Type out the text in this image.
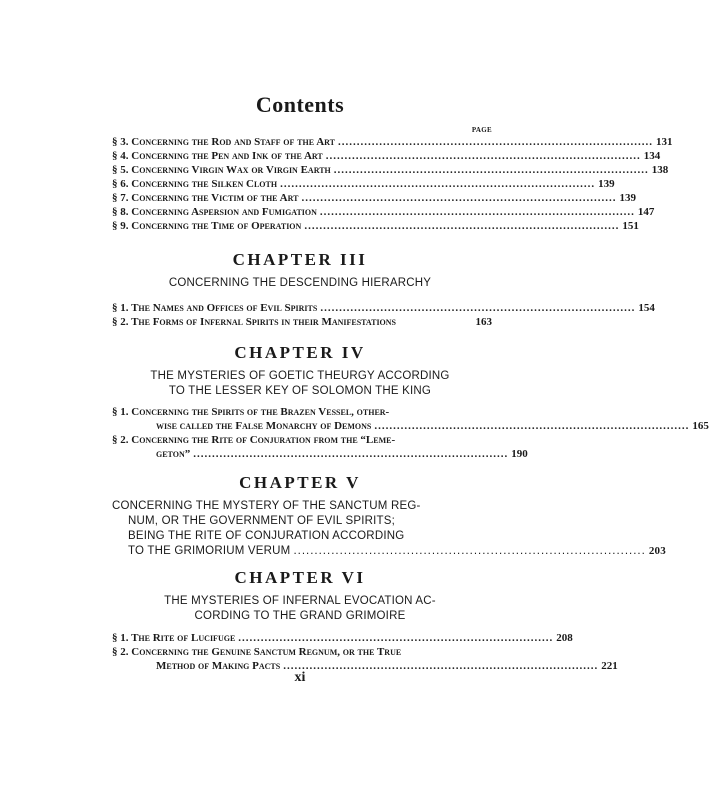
Contents
PAGE
§ 3. Concerning the Rod and Staff of the Art .................................................................................... 131
§ 4. Concerning the Pen and Ink of the Art .................................................................................... 134
§ 5. Concerning Virgin Wax or Virgin Earth .................................................................................... 138
§ 6. Concerning the Silken Cloth .................................................................................... 139
§ 7. Concerning the Victim of the Art .................................................................................... 139
§ 8. Concerning Aspersion and Fumigation .................................................................................... 147
§ 9. Concerning the Time of Operation .................................................................................... 151
CHAPTER III
CONCERNING THE DESCENDING HIERARCHY
§ 1. The Names and Offices of Evil Spirits .................................................................................... 154
§ 2. The Forms of Infernal Spirits in their Manifestations	163
CHAPTER IV
THE MYSTERIES OF GOETIC THEURGY ACCORDING
TO THE LESSER KEY OF SOLOMON THE KING
§ 1. Concerning the Spirits of the Brazen Vessel, other-
wise called the False Monarchy of Demons .................................................................................... 165
§ 2. Concerning the Rite of Conjuration from the “Leme-
geton” .................................................................................... 190
CHAPTER V
CONCERNING THE MYSTERY OF THE SANCTUM REG-
NUM, OR THE GOVERNMENT OF EVIL SPIRITS;
BEING THE RITE OF CONJURATION ACCORDING
TO THE GRIMORIUM VERUM .................................................................................... 203
CHAPTER VI
THE MYSTERIES OF INFERNAL EVOCATION AC-
CORDING TO THE GRAND GRIMOIRE
§ 1. The Rite of Lucifuge .................................................................................... 208
§ 2. Concerning the Genuine Sanctum Regnum, or the True
Method of Making Pacts .................................................................................... 221
xi
